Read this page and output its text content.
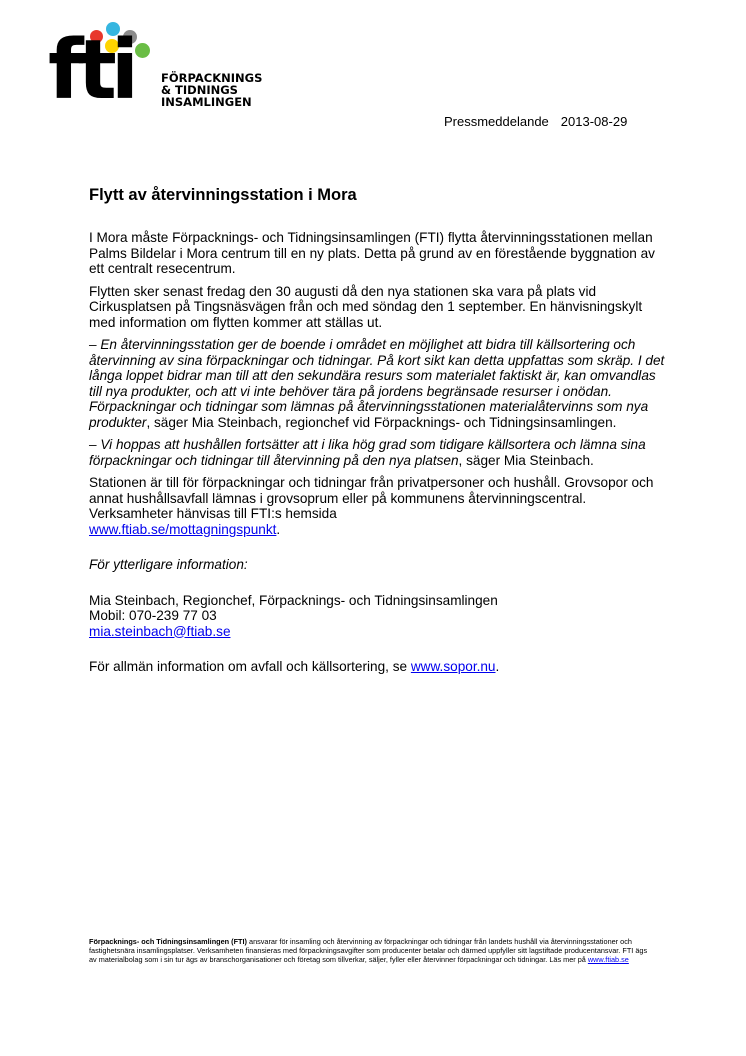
fti FÖRPACKNINGS
& TIDNINGS
INSAMLINGEN
Pressmeddelande 2013-08-29
Flytt av återvinningsstation i Mora

I Mora måste Förpacknings- och Tidningsinsamlingen (FTI) flytta återvinningsstationen mellan Palms Bildelar i Mora centrum till en ny plats. Detta på grund av en förestående byggnation av ett centralt resecentrum.

Flytten sker senast fredag den 30 augusti då den nya stationen ska vara på plats vid Cirkusplatsen på Tingsnäsvägen från och med söndag den 1 september. En hänvisningskylt med information om flytten kommer att ställas ut.

– En återvinningsstation ger de boende i området en möjlighet att bidra till källsortering och återvinning av sina förpackningar och tidningar. På kort sikt kan detta uppfattas som skräp. I det långa loppet bidrar man till att den sekundära resurs som materialet faktiskt är, kan omvandlas till nya produkter, och att vi inte behöver tära på jordens begränsade resurser i onödan. Förpackningar och tidningar som lämnas på återvinningsstationen materialåtervinns som nya produkter, säger Mia Steinbach, regionchef vid Förpacknings- och Tidningsinsamlingen.

– Vi hoppas att hushållen fortsätter att i lika hög grad som tidigare källsortera och lämna sina förpackningar och tidningar till återvinning på den nya platsen, säger Mia Steinbach.

Stationen är till för förpackningar och tidningar från privatpersoner och hushåll. Grovsopor och annat hushållsavfall lämnas i grovsoprum eller på kommunens återvinningscentral. Verksamheter hänvisas till FTI:s hemsida
www.ftiab.se/mottagningspunkt.

För ytterligare information:

Mia Steinbach, Regionchef, Förpacknings- och Tidningsinsamlingen
Mobil: 070-239 77 03
mia.steinbach@ftiab.se

För allmän information om avfall och källsortering, se www.sopor.nu.

Förpacknings- och Tidningsinsamlingen (FTI) ansvarar för insamling och återvinning av förpackningar och tidningar från landets hushåll via återvinningsstationer och fastighetsnära insamlingsplatser. Verksamheten finansieras med förpackningsavgifter som producenter betalar och därmed uppfyller sitt lagstiftade producentansvar. FTI ägs av materialbolag som i sin tur ägs av branschorganisationer och företag som tillverkar, säljer, fyller eller återvinner förpackningar och tidningar. Läs mer på www.ftiab.se
